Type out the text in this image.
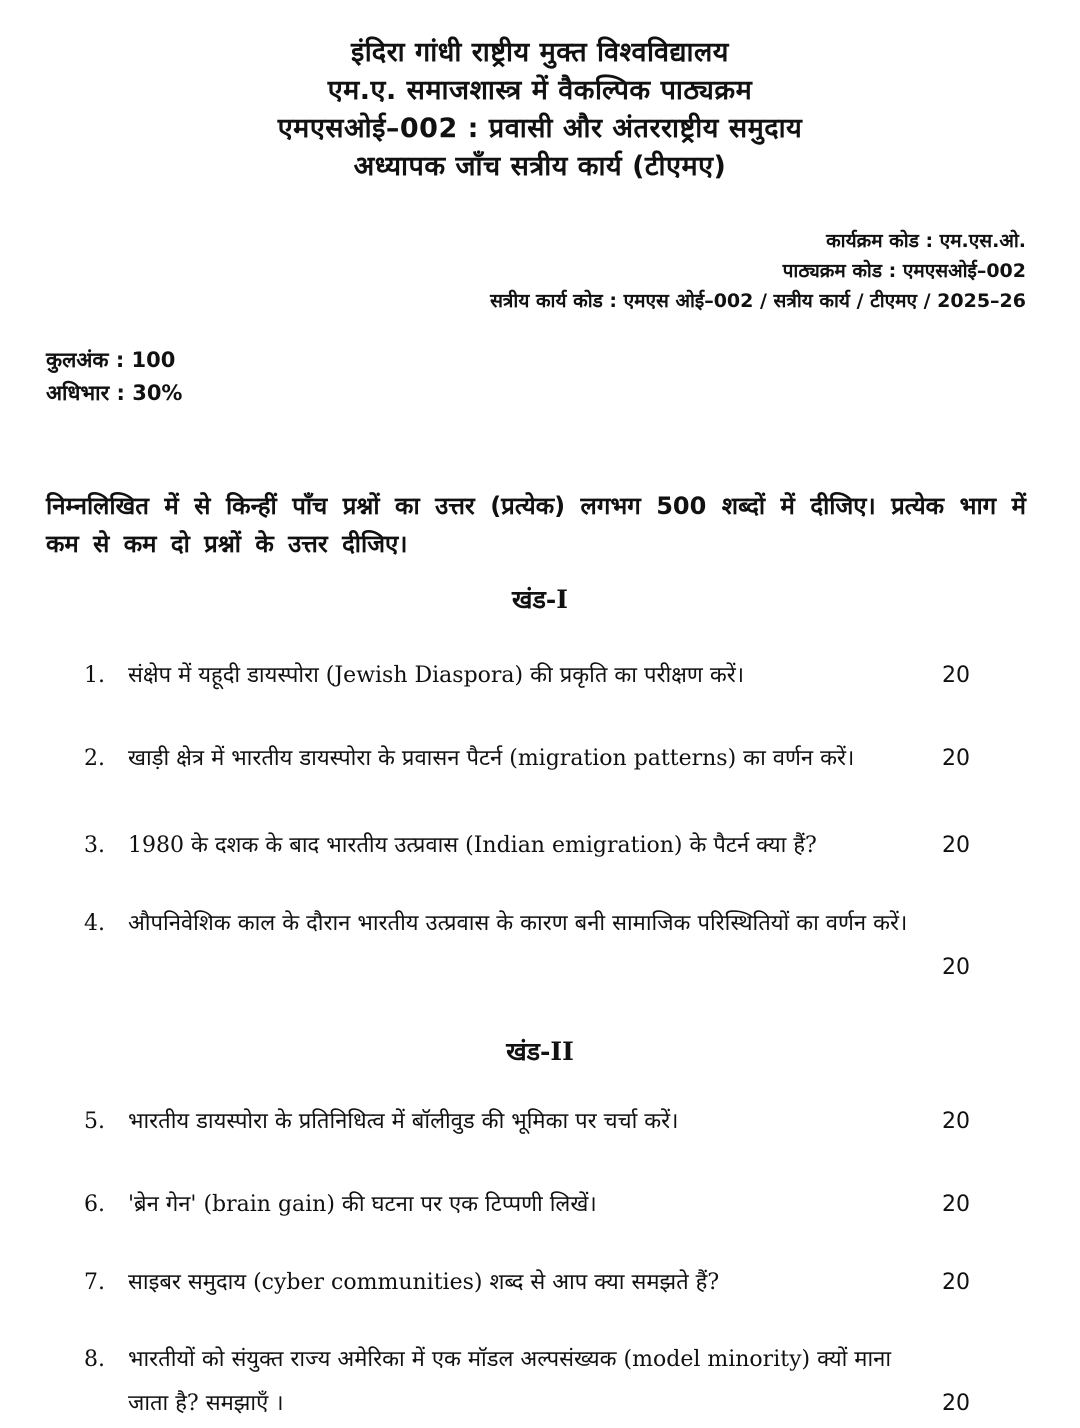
इंदिरा गांधी राष्ट्रीय मुक्त विश्वविद्यालय
एम.ए. समाजशास्त्र में वैकल्पिक पाठ्यक्रम
एमएसओई–002 : प्रवासी और अंतरराष्ट्रीय समुदाय
अध्यापक जाँच सत्रीय कार्य (टीएमए)
कार्यक्रम कोड : एम.एस.ओ.
पाठ्यक्रम कोड : एमएसओई–002
सत्रीय कार्य कोड : एमएस ओई–002 / सत्रीय कार्य / टीएमए / 2025–26
कुलअंक : 100
अधिभार : 30%
निम्नलिखित में से किन्हीं पाँच प्रश्नों का उत्तर (प्रत्येक) लगभग 500 शब्दों में दीजिए। प्रत्येक भाग में कम से कम दो प्रश्नों के उत्तर दीजिए।
खंड-I
1. संक्षेप में यहूदी डायस्पोरा (Jewish Diaspora) की प्रकृति का परीक्षण करें।	20
2. खाड़ी क्षेत्र में भारतीय डायस्पोरा के प्रवासन पैटर्न (migration patterns) का वर्णन करें।	20
3. 1980 के दशक के बाद भारतीय उत्प्रवास (Indian emigration) के पैटर्न क्या हैं?	20
4. औपनिवेशिक काल के दौरान भारतीय उत्प्रवास के कारण बनी सामाजिक परिस्थितियों का वर्णन करें।
20
खंड-II
5. भारतीय डायस्पोरा के प्रतिनिधित्व में बॉलीवुड की भूमिका पर चर्चा करें।	20
6. 'ब्रेन गेन' (brain gain) की घटना पर एक टिप्पणी लिखें।	20
7. साइबर समुदाय (cyber communities) शब्द से आप क्या समझते हैं?	20
8. भारतीयों को संयुक्त राज्य अमेरिका में एक मॉडल अल्पसंख्यक (model minority) क्यों माना जाता है? समझाएँ ।	20
